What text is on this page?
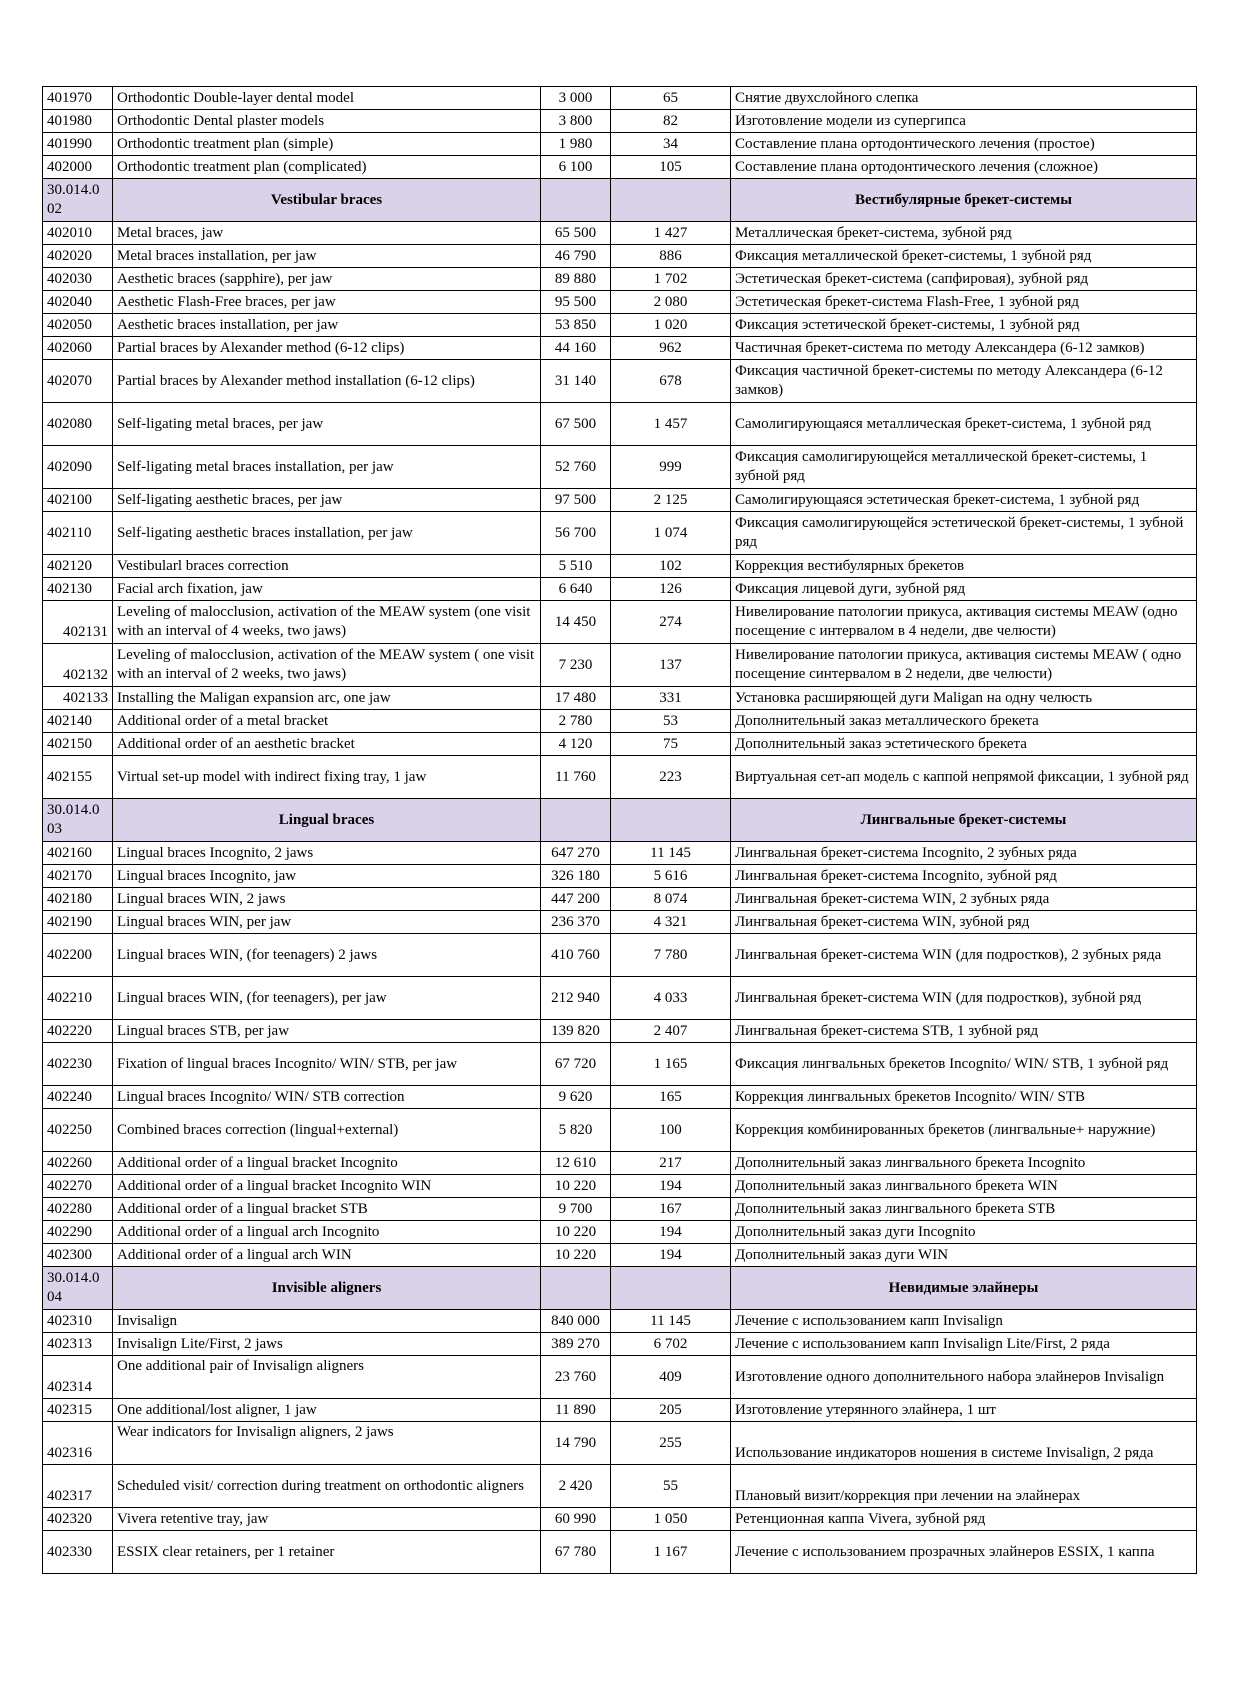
401970	Orthodontic Double-layer dental model	3 000	65	Снятие двухслойного слепка
401980	Orthodontic Dental plaster models	3 800	82	Изготовление модели из супергипса
401990	Orthodontic treatment plan (simple)	1 980	34	Составление плана ортодонтического лечения (простое)
402000	Orthodontic treatment plan (complicated)	6 100	105	Составление плана ортодонтического лечения (сложное)
30.014.0 02	Vestibular braces			Вестибулярные брекет-системы
402010	Metal braces, jaw	65 500	1 427	Металлическая брекет-система, зубной ряд
402020	Metal braces installation, per jaw	46 790	886	Фиксация металлической брекет-системы, 1 зубной ряд
402030	Aesthetic braces (sapphire), per jaw	89 880	1 702	Эстетическая брекет-система (сапфировая), зубной ряд
402040	Aesthetic Flash-Free braces, per jaw	95 500	2 080	Эстетическая брекет-система Flash-Free, 1 зубной ряд
402050	Aesthetic braces installation, per jaw	53 850	1 020	Фиксация эстетической брекет-системы, 1 зубной ряд
402060	Partial braces by Alexander method (6-12 clips)	44 160	962	Частичная брекет-система по методу Александера (6-12 замков)
402070	Partial braces by Alexander method installation (6-12 clips)	31 140	678	Фиксация частичной брекет-системы по методу Александера (6-12 замков)
402080	Self-ligating metal braces, per jaw	67 500	1 457	Самолигирующаяся металлическая брекет-система, 1 зубной ряд
402090	Self-ligating metal braces installation, per jaw	52 760	999	Фиксация самолигирующейся металлической брекет-системы, 1 зубной ряд
402100	Self-ligating aesthetic braces, per jaw	97 500	2 125	Самолигирующаяся эстетическая брекет-система, 1 зубной ряд
402110	Self-ligating aesthetic braces installation, per jaw	56 700	1 074	Фиксация самолигирующейся эстетической брекет-системы, 1 зубной ряд
402120	Vestibularl braces correction	5 510	102	Коррекция вестибулярных брекетов
402130	Facial arch fixation, jaw	6 640	126	Фиксация лицевой дуги, зубной ряд
402131	Leveling of malocclusion, activation of the MEAW system (one visit with an interval of 4 weeks, two jaws)	14 450	274	Нивелирование патологии прикуса, активация системы MEAW (одно посещение с интервалом в 4 недели, две челюсти)
402132	Leveling of malocclusion, activation of the MEAW system ( one visit with an interval of 2 weeks, two jaws)	7 230	137	Нивелирование патологии прикуса, активация системы MEAW ( одно посещение синтервалом в 2 недели, две челюсти)
402133	Installing the Maligan expansion arc, one jaw	17 480	331	Установка расширяющей дуги Maligan на одну челюсть
402140	Additional order of a metal bracket	2 780	53	Дополнительный заказ металлического брекета
402150	Additional order of an aesthetic bracket	4 120	75	Дополнительный заказ эстетического брекета
402155	Virtual set-up model with indirect fixing tray, 1 jaw	11 760	223	Виртуальная сет-ап модель с каппой непрямой фиксации, 1 зубной ряд
30.014.0 03	Lingual braces			Лингвальные брекет-системы
402160	Lingual braces Incognito, 2 jaws	647 270	11 145	Лингвальная брекет-система Incognito, 2 зубных ряда
402170	Lingual braces Incognito, jaw	326 180	5 616	Лингвальная брекет-система Incognito, зубной ряд
402180	Lingual braces WIN, 2 jaws	447 200	8 074	Лингвальная брекет-система WIN, 2 зубных ряда
402190	Lingual braces WIN, per jaw	236 370	4 321	Лингвальная брекет-система WIN, зубной ряд
402200	Lingual braces WIN, (for teenagers) 2 jaws	410 760	7 780	Лингвальная брекет-система WIN (для подростков), 2 зубных ряда
402210	Lingual braces WIN, (for teenagers), per jaw	212 940	4 033	Лингвальная брекет-система WIN (для подростков), зубной ряд
402220	Lingual braces STB, per jaw	139 820	2 407	Лингвальная брекет-система STB, 1 зубной ряд
402230	Fixation of lingual braces Incognito/ WIN/ STB, per jaw	67 720	1 165	Фиксация лингвальных брекетов Incognito/ WIN/ STB, 1 зубной ряд
402240	Lingual braces Incognito/ WIN/ STB correction	9 620	165	Коррекция лингвальных брекетов Incognito/ WIN/ STB
402250	Combined braces correction (lingual+external)	5 820	100	Коррекция комбинированных брекетов (лингвальные+ наружние)
402260	Additional order of a lingual bracket Incognito	12 610	217	Дополнительный заказ лингвального брекета Incognito
402270	Additional order of a lingual bracket Incognito WIN	10 220	194	Дополнительный заказ лингвального брекета WIN
402280	Additional order of a lingual bracket STB	9 700	167	Дополнительный заказ лингвального брекета STB
402290	Additional order of a lingual arch Incognito	10 220	194	Дополнительный заказ дуги Incognito
402300	Additional order of a lingual arch WIN	10 220	194	Дополнительный заказ дуги WIN
30.014.0 04	Invisible aligners			Невидимые элайнеры
402310	Invisalign	840 000	11 145	Лечение с использованием капп Invisalign
402313	Invisalign Lite/First, 2 jaws	389 270	6 702	Лечение с использованием капп Invisalign Lite/First, 2 ряда
402314	One additional pair of Invisalign aligners	23 760	409	Изготовление одного дополнительного набора элайнеров Invisalign
402315	One additional/lost aligner, 1 jaw	11 890	205	Изготовление утерянного элайнера, 1 шт
402316	Wear indicators for Invisalign aligners, 2 jaws	14 790	255	Использование индикаторов ношения в системе Invisalign, 2 ряда
402317	Scheduled visit/ correction during treatment on orthodontic aligners	2 420	55	Плановый визит/коррекция при лечении на элайнерах
402320	Vivera retentive tray, jaw	60 990	1 050	Ретенционная каппа Vivera, зубной ряд
402330	ESSIX clear retainers, per 1 retainer	67 780	1 167	Лечение с использованием прозрачных элайнеров ESSIX, 1 каппа
